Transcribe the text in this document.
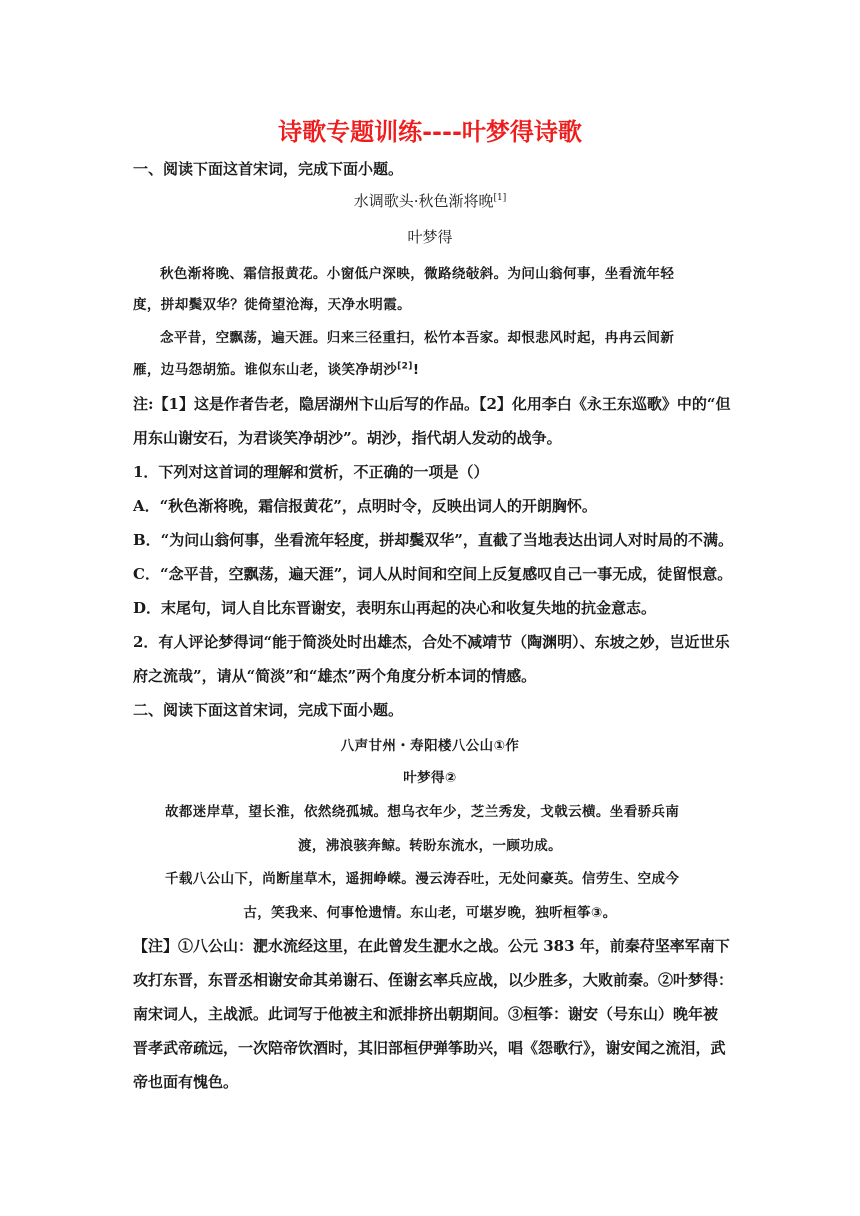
诗歌专题训练----叶梦得诗歌
一、阅读下面这首宋词，完成下面小题。
水调歌头·秋色渐将晚[1]
叶梦得
秋色渐将晚、霜信报黄花。小窗低户深映，微路绕敧斜。为问山翁何事，坐看流年轻
度，拼却鬓双华？徙倚望沧海，天净水明霞。
念平昔，空飘荡，遍天涯。归来三径重扫，松竹本吾家。却恨悲风时起，冉冉云间新
雁，边马怨胡笳。谁似东山老，谈笑净胡沙[2]!
注:【1】这是作者告老，隐居湖州卞山后写的作品。【2】化用李白《永王东巡歌》中的“但
用东山谢安石，为君谈笑净胡沙”。胡沙，指代胡人发动的战争。
1．下列对这首词的理解和赏析，不正确的一项是（）
A．“秋色渐将晚，霜信报黄花”，点明时令，反映出词人的开朗胸怀。
B．“为问山翁何事，坐看流年轻度，拼却鬓双华”，直截了当地表达出词人对时局的不满。
C．“念平昔，空飘荡，遍天涯”，词人从时间和空间上反复感叹自己一事无成，徒留恨意。
D．末尾句，词人自比东晋谢安，表明东山再起的决心和收复失地的抗金意志。
2．有人评论梦得词“能于简淡处时出雄杰，合处不减靖节（陶渊明）、东坡之妙，岂近世乐
府之流哉”，请从“简淡”和“雄杰”两个角度分析本词的情感。
二、阅读下面这首宋词，完成下面小题。
八声甘州・寿阳楼八公山①作
叶梦得②
故都迷岸草，望长淮，依然绕孤城。想乌衣年少，芝兰秀发，戈戟云横。坐看骄兵南
渡，沸浪骇奔鲸。转盼东流水，一顾功成。
千载八公山下，尚断崖草木，遥拥峥嵘。漫云涛吞吐，无处问豪英。信劳生、空成今
古，笑我来、何事怆遗情。东山老，可堪岁晚，独听桓筝③。
【注】①八公山：淝水流经这里，在此曾发生淝水之战。公元 383 年，前秦苻坚率军南下
攻打东晋，东晋丞相谢安命其弟谢石、侄谢玄率兵应战，以少胜多，大败前秦。②叶梦得：
南宋词人，主战派。此词写于他被主和派排挤出朝期间。③桓筝：谢安（号东山）晚年被
晋孝武帝疏远，一次陪帝饮酒时，其旧部桓伊弹筝助兴，唱《怨歌行》，谢安闻之流泪，武
帝也面有愧色。
